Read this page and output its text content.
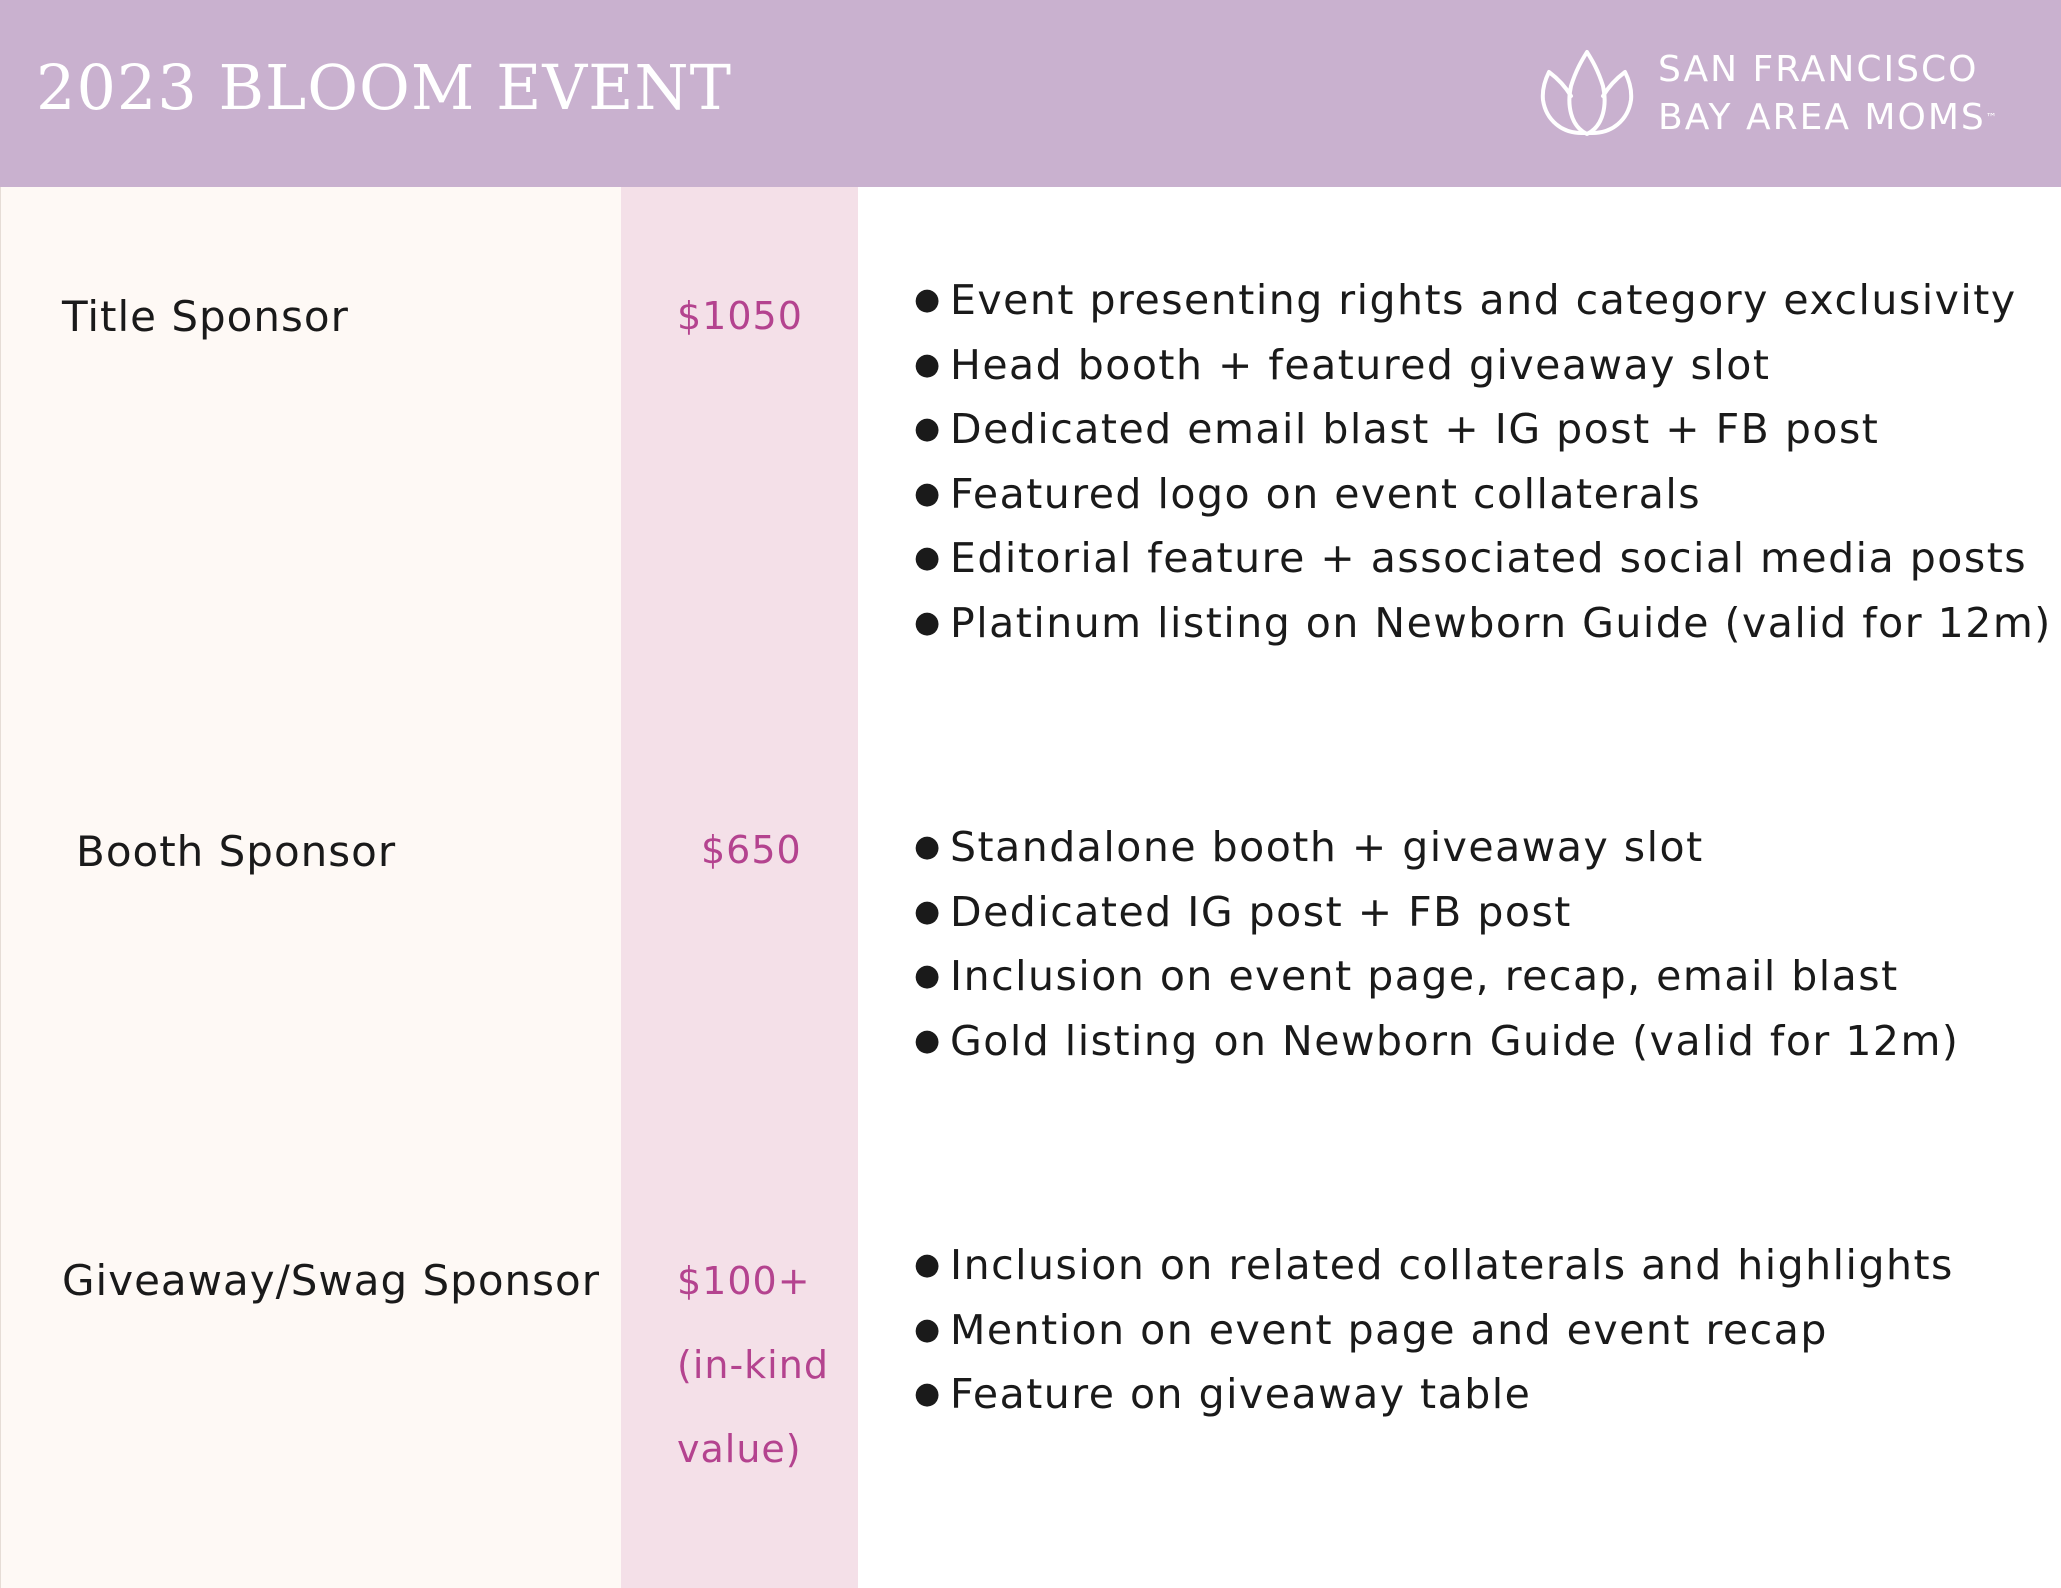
2023 BLOOM EVENT	SAN FRANCISCO
BAY AREA MOMS™
Title Sponsor	$1050	● Event presenting rights and category exclusivity
● Head booth + featured giveaway slot
● Dedicated email blast + IG post + FB post
● Featured logo on event collaterals
● Editorial feature + associated social media posts
● Platinum listing on Newborn Guide (valid for 12m)
Booth Sponsor	$650	● Standalone booth + giveaway slot
● Dedicated IG post + FB post
● Inclusion on event page, recap, email blast
● Gold listing on Newborn Guide (valid for 12m)
Giveaway/Swag Sponsor $100+
(in-kind
value)
● Inclusion on related collaterals and highlights
● Mention on event page and event recap
● Feature on giveaway table
